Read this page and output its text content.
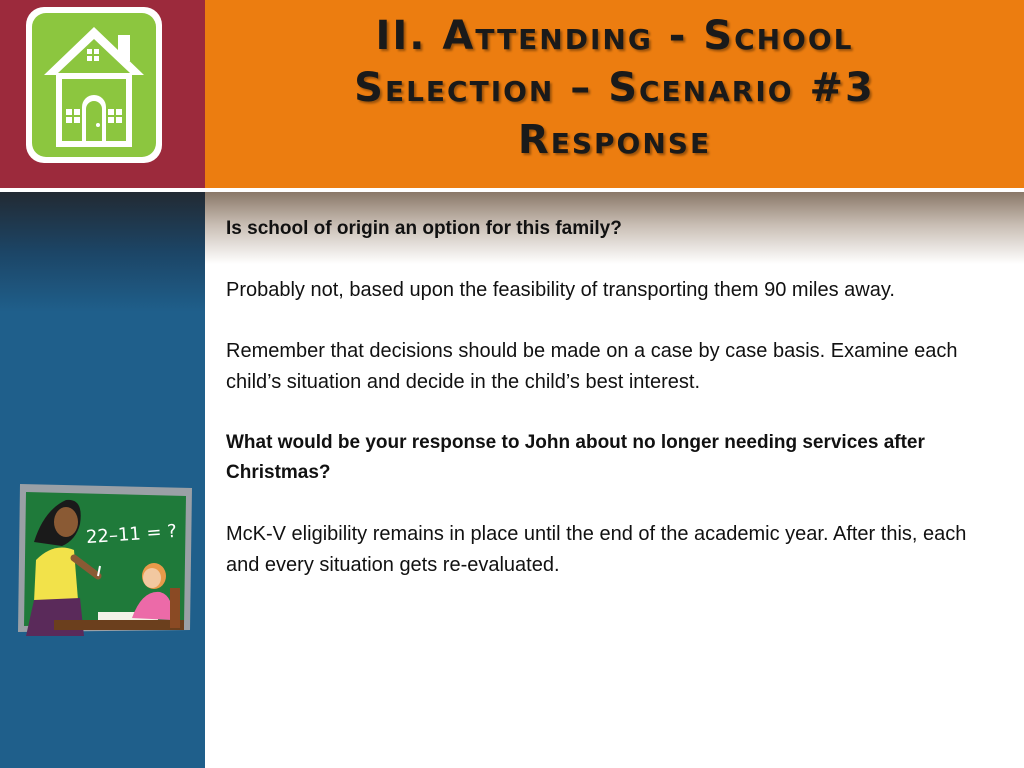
II. Attending - School
Selection – Scenario #3
Response
22–11 = ?

Is school of origin an option for this family?

Probably not, based upon the feasibility of transporting them 90 miles away.

Remember that decisions should be made on a case by case basis. Examine each child’s situation and decide in the child’s best interest.

What would be your response to John about no longer needing services after Christmas?

McK-V eligibility remains in place until the end of the academic year. After this, each and every situation gets re-evaluated.
